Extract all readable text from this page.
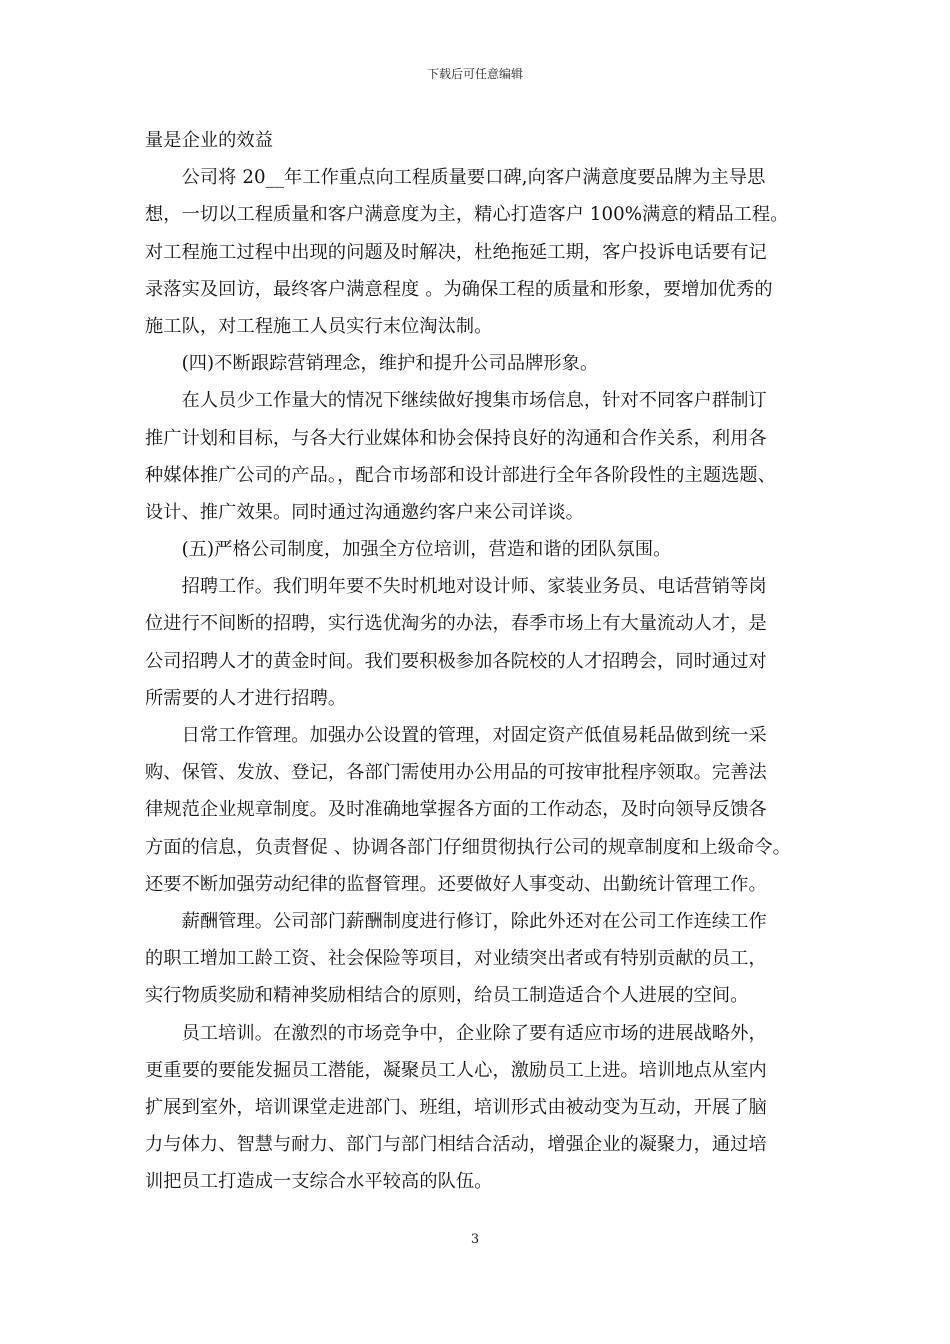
下载后可任意编辑
量是企业的效益
　　公司将 20__年工作重点向工程质量要口碑,向客户满意度要品牌为主导思
想，一切以工程质量和客户满意度为主，精心打造客户 100%满意的精品工程。
对工程施工过程中出现的问题及时解决，杜绝拖延工期，客户投诉电话要有记
录落实及回访，最终客户满意程度 。为确保工程的质量和形象，要增加优秀的
施工队，对工程施工人员实行末位淘汰制。
　　(四)不断跟踪营销理念，维护和提升公司品牌形象。
　　在人员少工作量大的情况下继续做好搜集市场信息，针对不同客户群制订
推广计划和目标，与各大行业媒体和协会保持良好的沟通和合作关系，利用各
种媒体推广公司的产品。，配合市场部和设计部进行全年各阶段性的主题选题、
设计、推广效果。同时通过沟通邀约客户来公司详谈。
　　(五)严格公司制度，加强全方位培训，营造和谐的团队氛围。
　　招聘工作。我们明年要不失时机地对设计师、家装业务员、电话营销等岗
位进行不间断的招聘，实行选优淘劣的办法，春季市场上有大量流动人才，是
公司招聘人才的黄金时间。我们要积极参加各院校的人才招聘会，同时通过对
所需要的人才进行招聘。
　　日常工作管理。加强办公设置的管理，对固定资产低值易耗品做到统一采
购、保管、发放、登记，各部门需使用办公用品的可按审批程序领取。完善法
律规范企业规章制度。及时准确地掌握各方面的工作动态，及时向领导反馈各
方面的信息，负责督促 、协调各部门仔细贯彻执行公司的规章制度和上级命令。
还要不断加强劳动纪律的监督管理。还要做好人事变动、出勤统计管理工作。
　　薪酬管理。公司部门薪酬制度进行修订，除此外还对在公司工作连续工作
的职工增加工龄工资、社会保险等项目，对业绩突出者或有特别贡献的员工，
实行物质奖励和精神奖励相结合的原则，给员工制造适合个人进展的空间。
　　员工培训。在激烈的市场竞争中，企业除了要有适应市场的进展战略外，
更重要的要能发掘员工潜能，凝聚员工人心，激励员工上进。培训地点从室内
扩展到室外，培训课堂走进部门、班组，培训形式由被动变为互动，开展了脑
力与体力、智慧与耐力、部门与部门相结合活动，增强企业的凝聚力，通过培
训把员工打造成一支综合水平较高的队伍。
3
